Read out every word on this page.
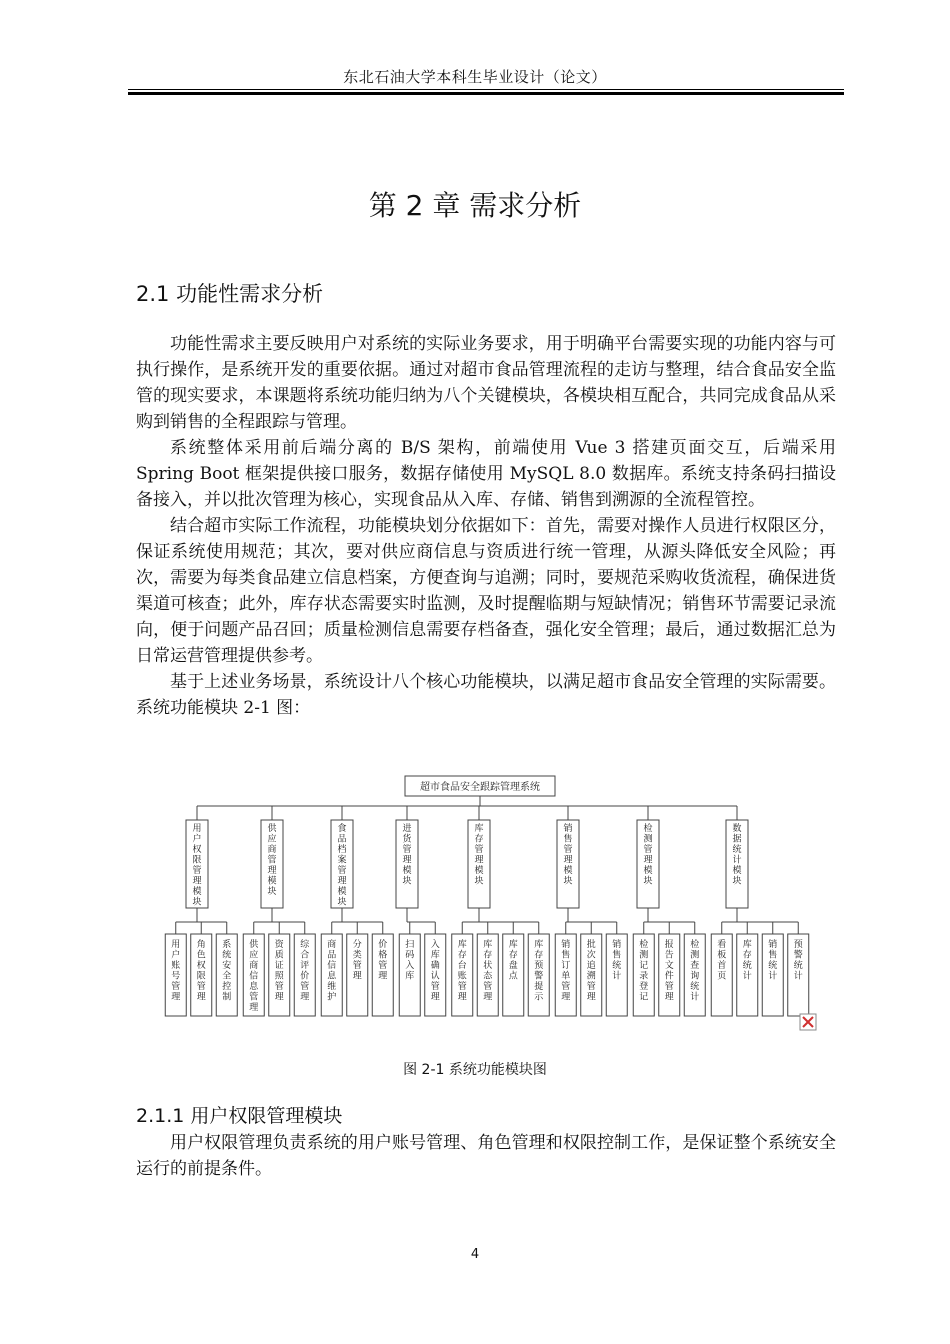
东北石油大学本科生毕业设计（论文）
第 2 章 需求分析
2.1 功能性需求分析

功能性需求主要反映用户对系统的实际业务要求，用于明确平台需要实现的功能内容与可执行操作，是系统开发的重要依据。通过对超市食品管理流程的走访与整理，结合食品安全监管的现实要求，本课题将系统功能归纳为八个关键模块，各模块相互配合，共同完成食品从采购到销售的全程跟踪与管理。

系统整体采用前后端分离的 B/S 架构，前端使用 Vue 3 搭建页面交互，后端采用 Spring Boot 框架提供接口服务，数据存储使用 MySQL 8.0 数据库。系统支持条码扫描设备接入，并以批次管理为核心，实现食品从入库、存储、销售到溯源的全流程管控。

结合超市实际工作流程，功能模块划分依据如下：首先，需要对操作人员进行权限区分，保证系统使用规范；其次，要对供应商信息与资质进行统一管理，从源头降低安全风险；再次，需要为每类食品建立信息档案，方便查询与追溯；同时，要规范采购收货流程，确保进货渠道可核查；此外，库存状态需要实时监测，及时提醒临期与短缺情况；销售环节需要记录流向，便于问题产品召回；质量检测信息需要存档备查，强化安全管理；最后，通过数据汇总为日常运营管理提供参考。

基于上述业务场景，系统设计八个核心功能模块，以满足超市食品安全管理的实际需要。系统功能模块 2-1 图：

超市食品安全跟踪管理系统
用
户
权
限
管
理
模
块
用
户
账
号
管
理
角
色
权
限
管
理
系
统
安
全
控
制
供
应
商
管
理
模
块
供
应
商
信
息
管
理
资
质
证
照
管
理
综
合
评
价
管
理
食
品
档
案
管
理
模
块
商
品
信
息
维
护
分
类
管
理
价
格
管
理
进
货
管
理
模
块
扫
码
入
库
入
库
确
认
管
理
库
存
管
理
模
块
库
存
台
账
管
理
库
存
状
态
管
理
库
存
盘
点
库
存
预
警
提
示
销
售
管
理
模
块
销
售
订
单
管
理
批
次
追
溯
管
理
销
售
统
计
检
测
管
理
模
块
检
测
记
录
登
记
报
告
文
件
管
理
检
测
查
询
统
计
数
据
统
计
模
块
看
板
首
页
库
存
统
计
销
售
统
计
预
警
统
计
图 2-1 系统功能模块图
2.1.1 用户权限管理模块

用户权限管理负责系统的用户账号管理、角色管理和权限控制工作，是保证整个系统安全运行的前提条件。

4
